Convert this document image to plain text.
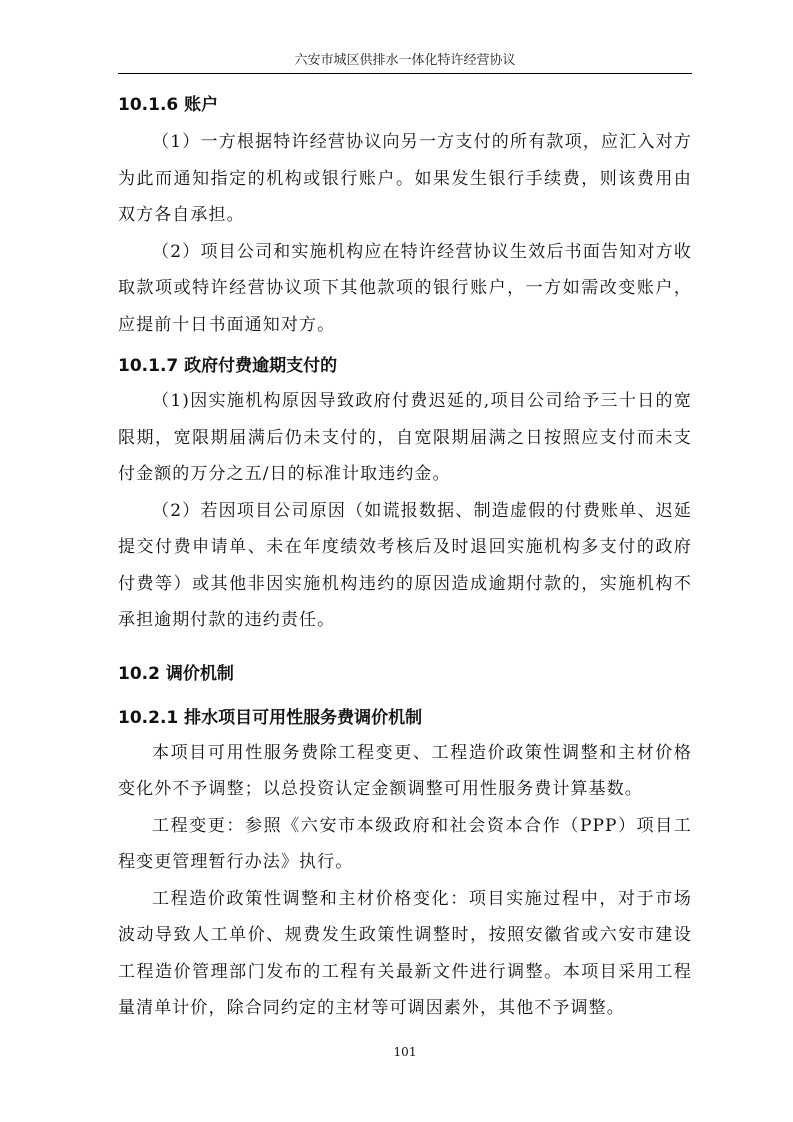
六安市城区供排水一体化特许经营协议
10.1.6 账户

（1）一方根据特许经营协议向另一方支付的所有款项，应汇入对方为此而通知指定的机构或银行账户。如果发生银行手续费，则该费用由双方各自承担。

（2）项目公司和实施机构应在特许经营协议生效后书面告知对方收取款项或特许经营协议项下其他款项的银行账户，一方如需改变账户，应提前十日书面通知对方。

10.1.7 政府付费逾期支付的

（1)因实施机构原因导致政府付费迟延的,项目公司给予三十日的宽限期，宽限期届满后仍未支付的，自宽限期届满之日按照应支付而未支付金额的万分之五/日的标准计取违约金。

（2）若因项目公司原因（如谎报数据、制造虚假的付费账单、迟延提交付费申请单、未在年度绩效考核后及时退回实施机构多支付的政府付费等）或其他非因实施机构违约的原因造成逾期付款的，实施机构不承担逾期付款的违约责任。

10.2 调价机制
10.2.1 排水项目可用性服务费调价机制

本项目可用性服务费除工程变更、工程造价政策性调整和主材价格变化外不予调整；以总投资认定金额调整可用性服务费计算基数。

工程变更：参照《六安市本级政府和社会资本合作（PPP）项目工程变更管理暂行办法》执行。

工程造价政策性调整和主材价格变化：项目实施过程中，对于市场波动导致人工单价、规费发生政策性调整时，按照安徽省或六安市建设工程造价管理部门发布的工程有关最新文件进行调整。本项目采用工程量清单计价，除合同约定的主材等可调因素外，其他不予调整。

101
